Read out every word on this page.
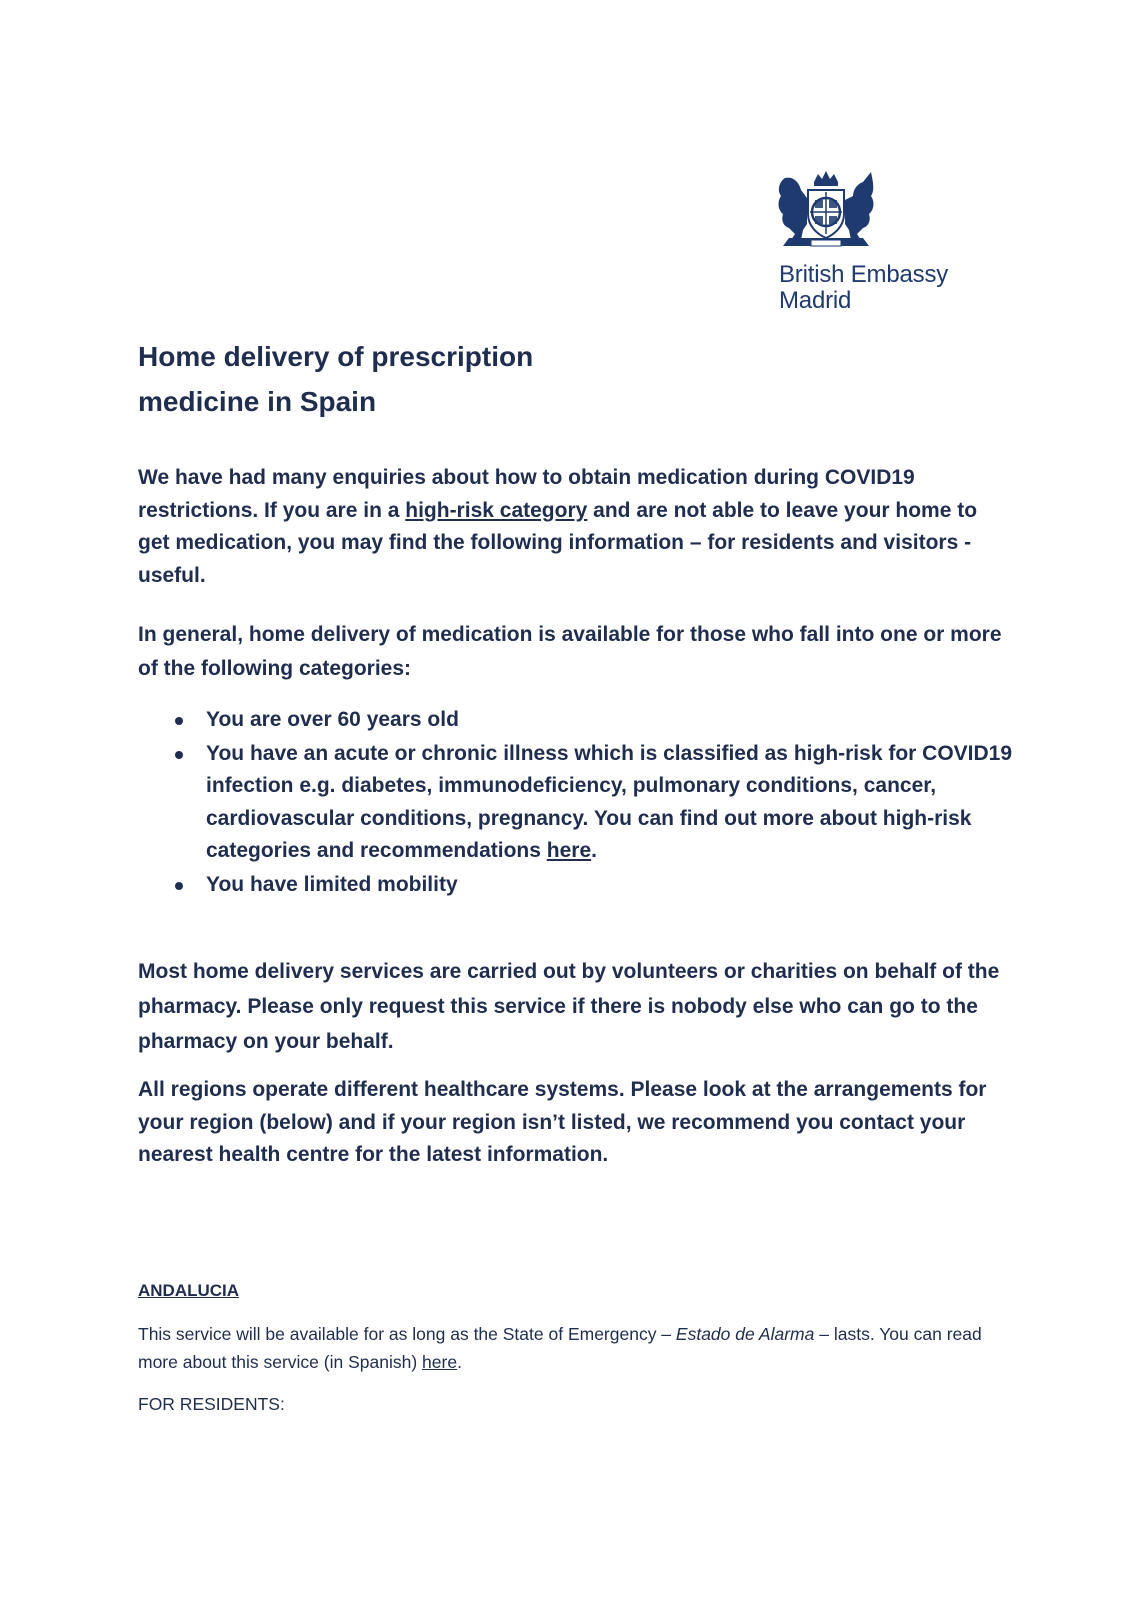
British Embassy
Madrid
Home delivery of prescription
medicine in Spain

We have had many enquiries about how to obtain medication during COVID19 restrictions. If you are in a high-risk category and are not able to leave your home to get medication, you may find the following information – for residents and visitors - useful.

In general, home delivery of medication is available for those who fall into one or more of the following categories:

You are over 60 years old
You have an acute or chronic illness which is classified as high-risk for COVID19 infection e.g. diabetes, immunodeficiency, pulmonary conditions, cancer, cardiovascular conditions, pregnancy. You can find out more about high-risk categories and recommendations here.
You have limited mobility

Most home delivery services are carried out by volunteers or charities on behalf of the pharmacy. Please only request this service if there is nobody else who can go to the pharmacy on your behalf.

All regions operate different healthcare systems. Please look at the arrangements for your region (below) and if your region isn’t listed, we recommend you contact your nearest health centre for the latest information.

ANDALUCIA

This service will be available for as long as the State of Emergency – Estado de Alarma – lasts. You can read more about this service (in Spanish) here.

FOR RESIDENTS:
